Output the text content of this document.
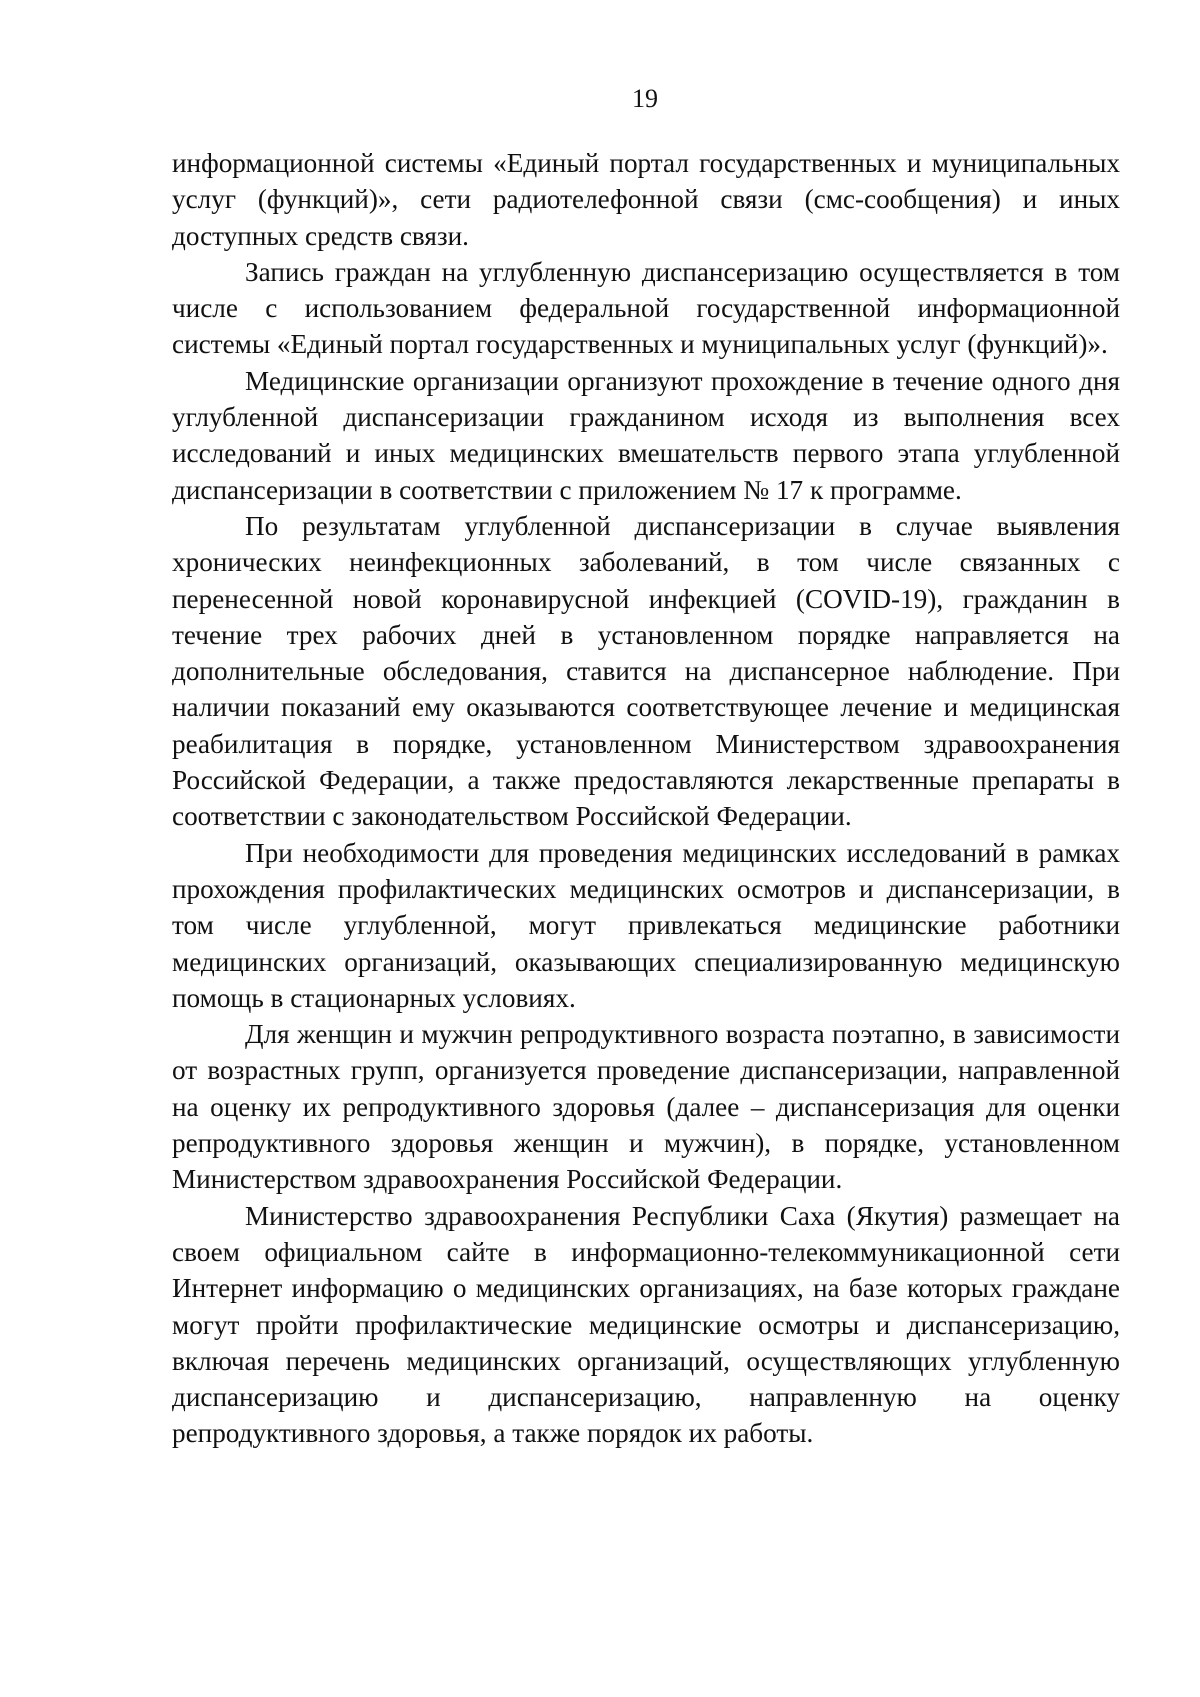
19

информационной системы «Единый портал государственных и муниципальных услуг (функций)», сети радиотелефонной связи (смс-сообщения) и иных доступных средств связи.

Запись граждан на углубленную диспансеризацию осуществляется в том числе с использованием федеральной государственной информационной системы «Единый портал государственных и муниципальных услуг (функций)».

Медицинские организации организуют прохождение в течение одного дня углубленной диспансеризации гражданином исходя из выполнения всех исследований и иных медицинских вмешательств первого этапа углубленной диспансеризации в соответствии с приложением № 17 к программе.

По результатам углубленной диспансеризации в случае выявления хронических неинфекционных заболеваний, в том числе связанных с перенесенной новой коронавирусной инфекцией (COVID-19), гражданин в течение трех рабочих дней в установленном порядке направляется на дополнительные обследования, ставится на диспансерное наблюдение. При наличии показаний ему оказываются соответствующее лечение и медицинская реабилитация в порядке, установленном Министерством здравоохранения Российской Федерации, а также предоставляются лекарственные препараты в соответствии с законодательством Российской Федерации.

При необходимости для проведения медицинских исследований в рамках прохождения профилактических медицинских осмотров и диспансеризации, в том числе углубленной, могут привлекаться медицинские работники медицинских организаций, оказывающих специализированную медицинскую помощь в стационарных условиях.

Для женщин и мужчин репродуктивного возраста поэтапно, в зависимости от возрастных групп, организуется проведение диспансеризации, направленной на оценку их репродуктивного здоровья (далее – диспансеризация для оценки репродуктивного здоровья женщин и мужчин), в порядке, установленном Министерством здравоохранения Российской Федерации.

Министерство здравоохранения Республики Саха (Якутия) размещает на своем официальном сайте в информационно-телекоммуникационной сети Интернет информацию о медицинских организациях, на базе которых граждане могут пройти профилактические медицинские осмотры и диспансеризацию, включая перечень медицинских организаций, осуществляющих углубленную диспансеризацию и диспансеризацию, направленную на оценку репродуктивного здоровья, а также порядок их работы.
